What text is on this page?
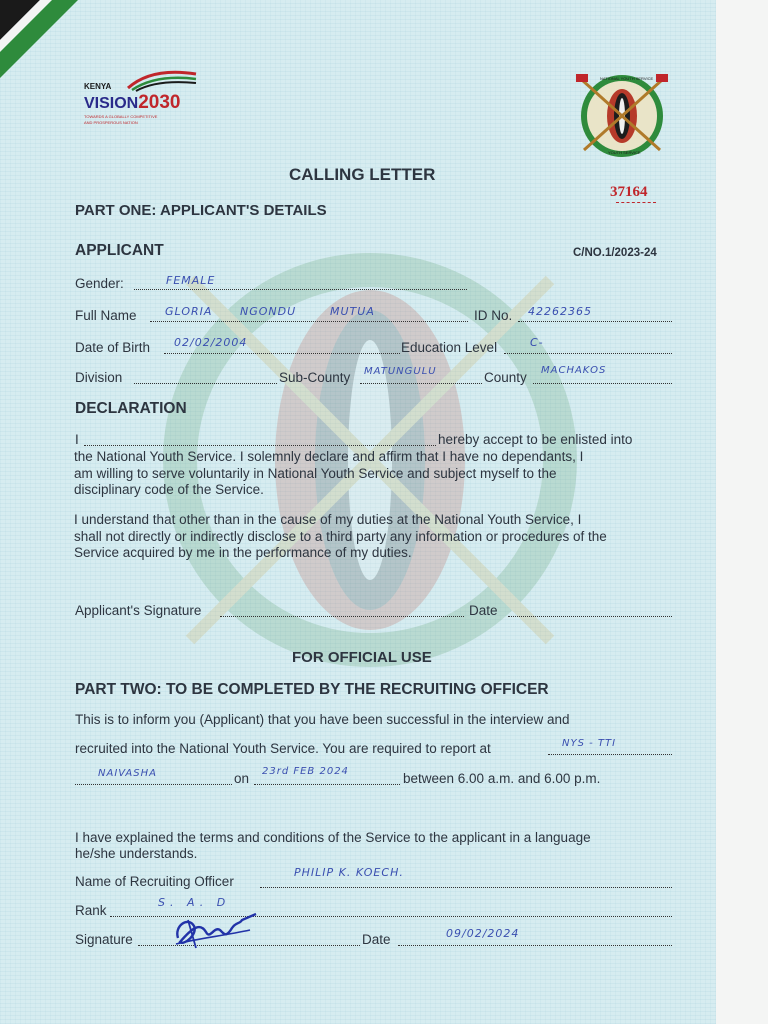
KENYA
VISION2030
TOWARDS A GLOBALLY COMPETITIVE
AND PROSPEROUS NATION
NATIONAL YOUTH SERVICE
YOUTH SERVICE
37164
CALLING LETTER
PART ONE: APPLICANT'S DETAILS
APPLICANT	C/NO.1/2023-24
Gender:	FEMALE
Full Name	GLORIA	NGONDU	MUTUA	ID No. 42262365
Date of Birth 02/02/2004	Education Level	C-
Division	Sub-County MATUNGULU	County MACHAKOS
DECLARATION
I	hereby accept to be enlisted into
the National Youth Service. I solemnly declare and affirm that I have no dependants, I
am willing to serve voluntarily in National Youth Service and subject myself to the
disciplinary code of the Service.
I understand that other than in the cause of my duties at the National Youth Service, I
shall not directly or indirectly disclose to a third party any information or procedures of the
Service acquired by me in the performance of my duties.
Applicant's Signature	Date
FOR OFFICIAL USE
PART TWO: TO BE COMPLETED BY THE RECRUITING OFFICER
This is to inform you (Applicant) that you have been successful in the interview and
recruited into the National Youth Service. You are required to report at	NYS - TTI
NAIVASHA	on 23rd FEB 2024	between 6.00 a.m. and 6.00 p.m.
I have explained the terms and conditions of the Service to the applicant in a language
he/she understands.
Name of Recruiting Officer
PHILIP K. KOECH.
Rank
S. A. D
Signature	Date	09/02/2024
